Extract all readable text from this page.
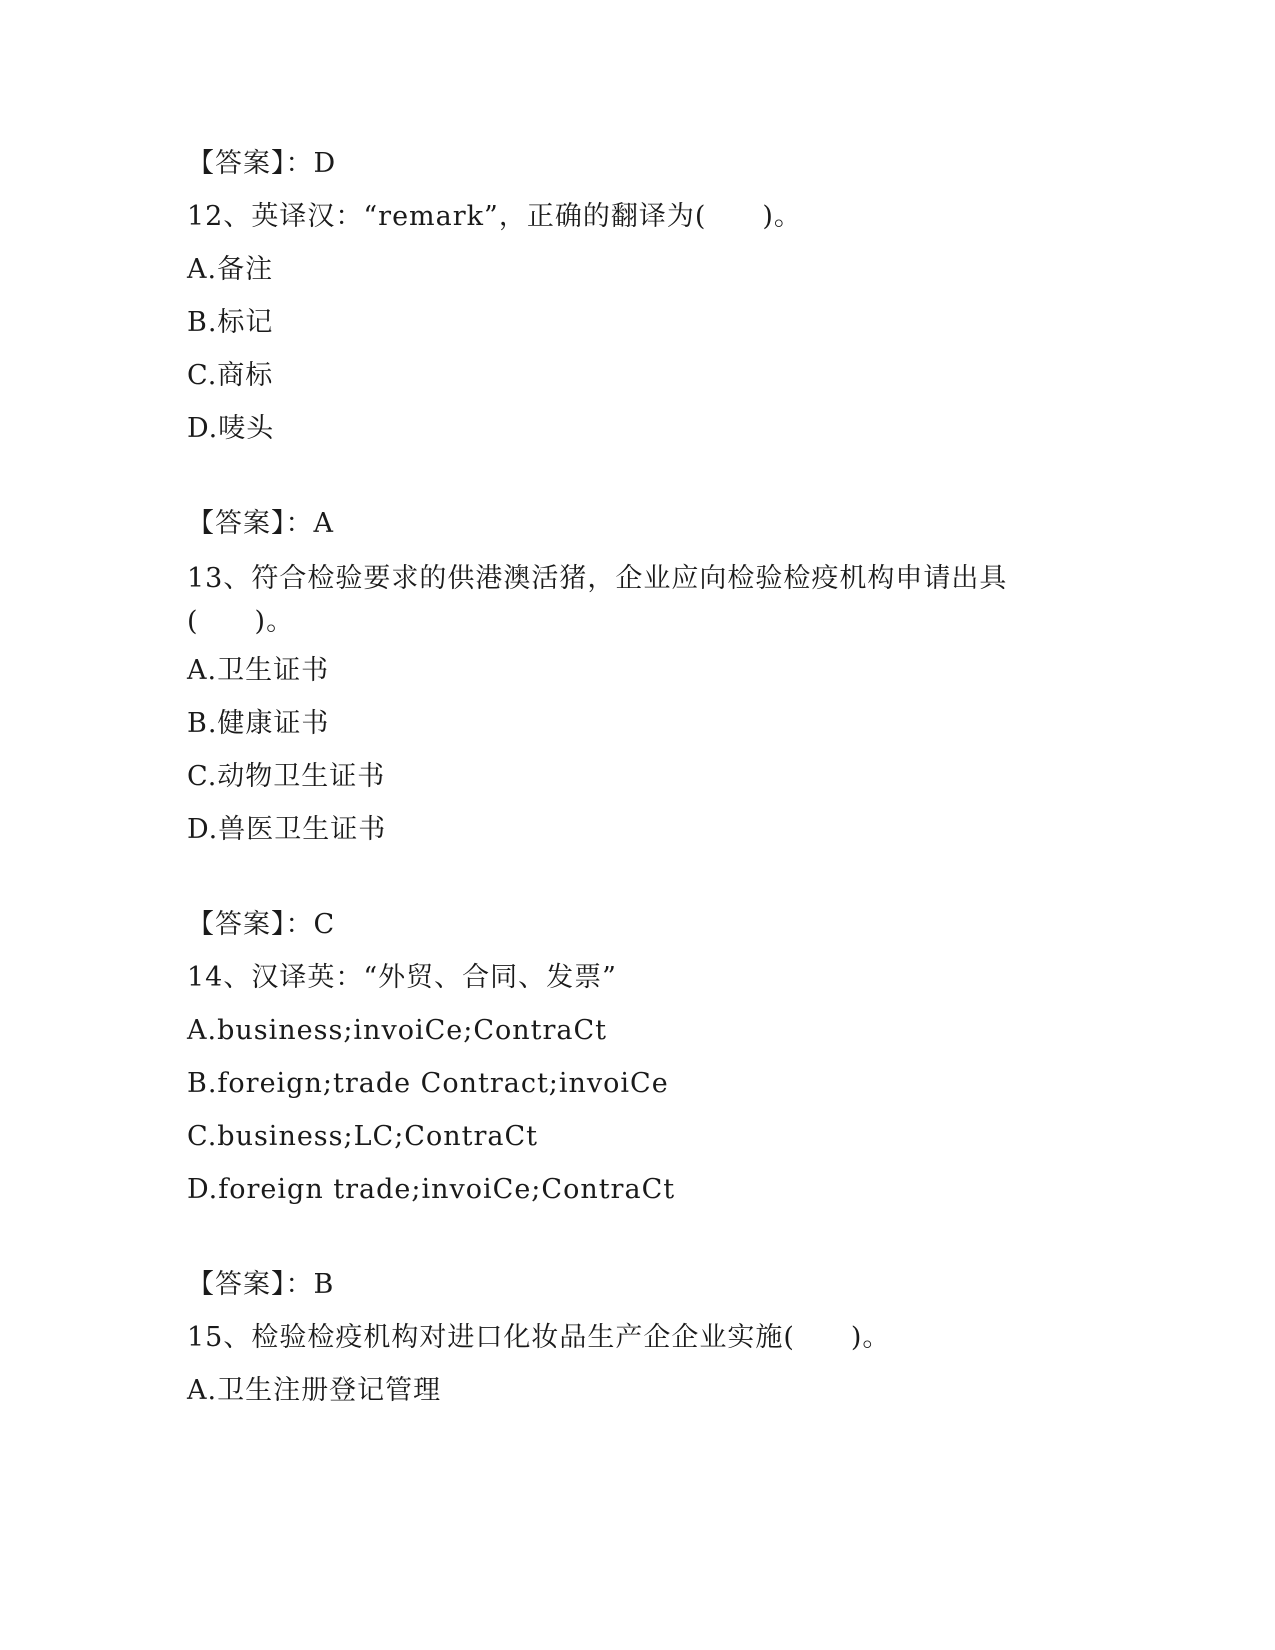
【答案】：D
12、英译汉：“remark”，正确的翻译为(　　)。
A.备注
B.标记
C.商标
D.唛头
【答案】：A
13、符合检验要求的供港澳活猪，企业应向检验检疫机构申请出具(　　)。
A.卫生证书
B.健康证书
C.动物卫生证书
D.兽医卫生证书
【答案】：C
14、汉译英：“外贸、合同、发票”
A.business;invoiCe;ContraCt
B.foreign;trade Contract;invoiCe
C.business;LC;ContraCt
D.foreign trade;invoiCe;ContraCt
【答案】：B
15、检验检疫机构对进口化妆品生产企企业实施(　　)。
A.卫生注册登记管理
